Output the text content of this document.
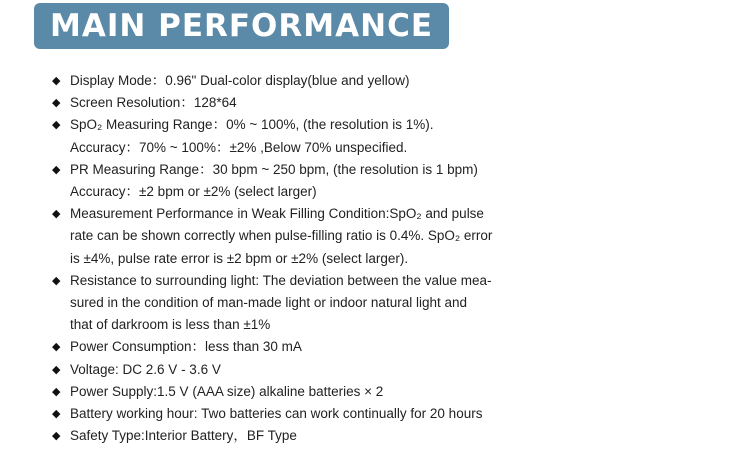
MAIN PERFORMANCE
◆ Display Mode：0.96" Dual-color display(blue and yellow)
◆ Screen Resolution：128*64
◆ SpO₂ Measuring Range：0% ~ 100%, (the resolution is 1%).
Accuracy：70% ~ 100%：±2% ,Below 70% unspecified.
◆ PR Measuring Range：30 bpm ~ 250 bpm, (the resolution is 1 bpm)
Accuracy：±2 bpm or ±2% (select larger)
◆ Measurement Performance in Weak Filling Condition:SpO₂ and pulse
rate can be shown correctly when pulse-filling ratio is 0.4%. SpO₂ error
is ±4%, pulse rate error is ±2 bpm or ±2% (select larger).
◆ Resistance to surrounding light: The deviation between the value mea-
sured in the condition of man-made light or indoor natural light and
that of darkroom is less than ±1%
◆ Power Consumption：less than 30 mA
◆ Voltage: DC 2.6 V - 3.6 V
◆ Power Supply:1.5 V (AAA size) alkaline batteries × 2
◆ Battery working hour: Two batteries can work continually for 20 hours
◆ Safety Type:Interior Battery，BF Type
